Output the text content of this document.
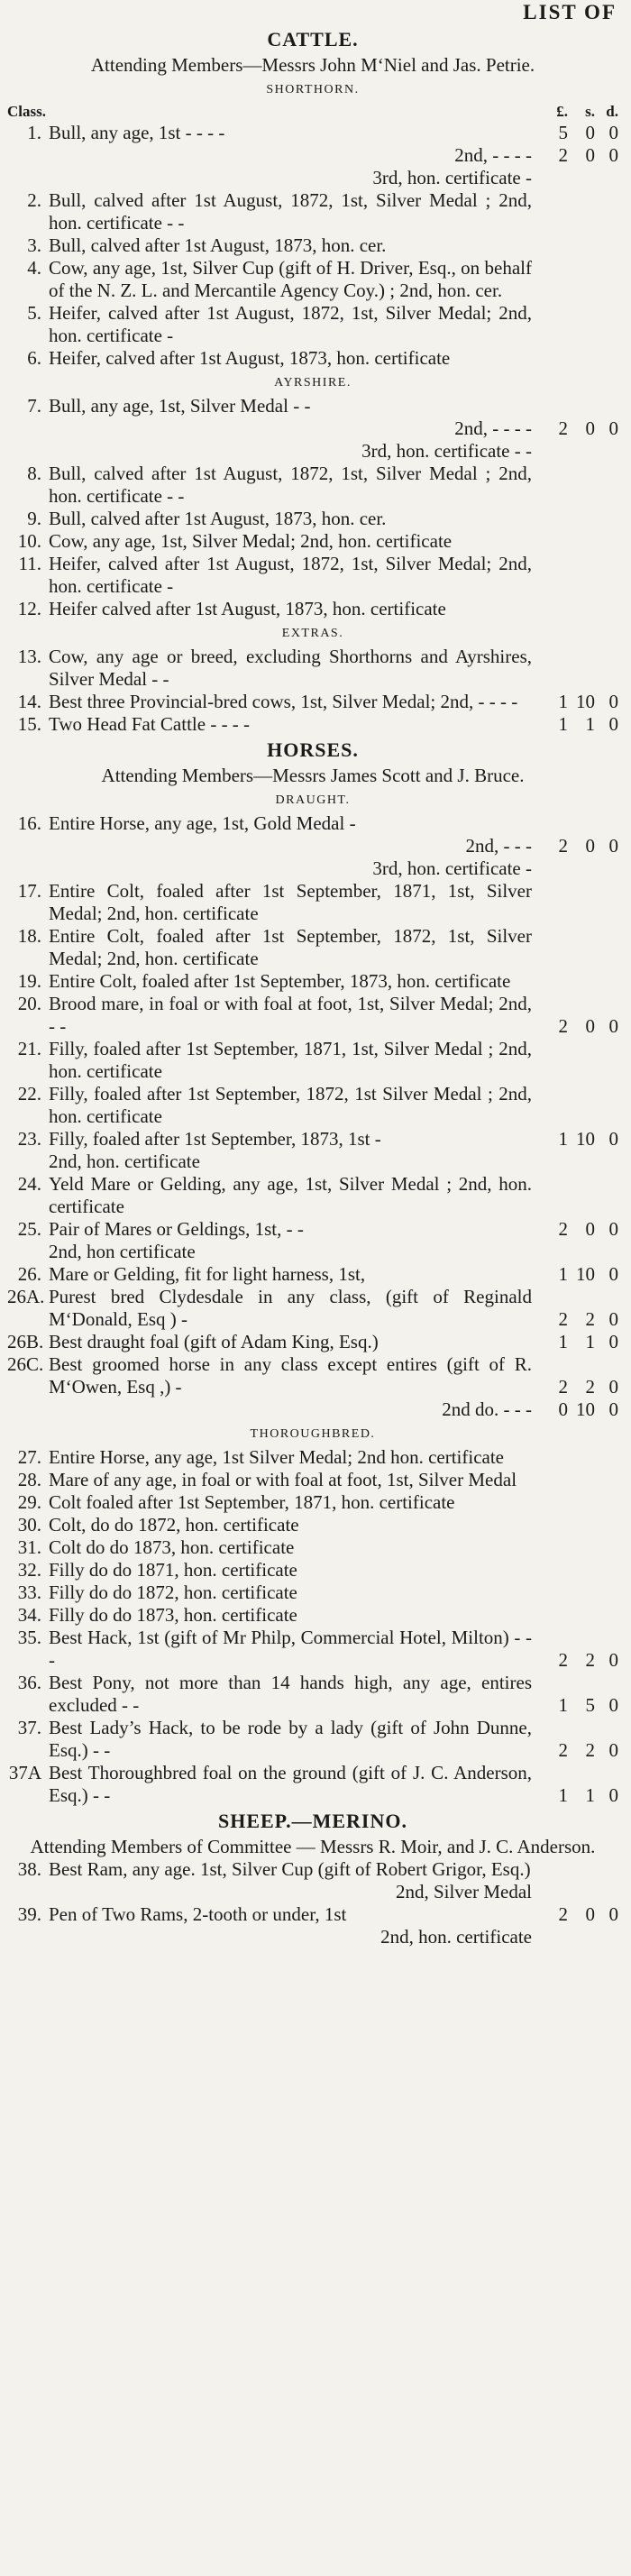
LIST OF
CATTLE.
Attending Members—Messrs John M‘Niel and Jas. Petrie.
SHORTHORN.
Class.	£.	s. d.
1. Bull, any age, 1st - - - -	5 0 0
2nd, - - - -	2 0 0
3rd, hon. certificate -
2. Bull, calved after 1st August, 1872, 1st, Silver Medal ; 2nd, hon. certificate - -
3. Bull, calved after 1st August, 1873, hon. cer.
4. Cow, any age, 1st, Silver Cup (gift of H. Driver, Esq., on behalf of the N. Z. L. and Mercantile Agency Coy.) ; 2nd, hon. cer.
5. Heifer, calved after 1st August, 1872, 1st, Silver Medal; 2nd, hon. certificate -
6. Heifer, calved after 1st August, 1873, hon. certificate
AYRSHIRE.
7. Bull, any age, 1st, Silver Medal - -
2nd, - - - -	2 0 0
3rd, hon. certificate - -
8. Bull, calved after 1st August, 1872, 1st, Silver Medal ; 2nd, hon. certificate - -
9. Bull, calved after 1st August, 1873, hon. cer.
10. Cow, any age, 1st, Silver Medal; 2nd, hon. certificate
11. Heifer, calved after 1st August, 1872, 1st, Silver Medal; 2nd, hon. certificate -
12. Heifer calved after 1st August, 1873, hon. certificate
EXTRAS.
13. Cow, any age or breed, excluding Shorthorns and Ayrshires, Silver Medal - -
14. Best three Provincial-bred cows, 1st, Silver Medal; 2nd, - - - -	1 10 0
15. Two Head Fat Cattle - - - -	1 1 0
HORSES.
Attending Members—Messrs James Scott and J. Bruce.
DRAUGHT.
16. Entire Horse, any age, 1st, Gold Medal -
2nd, - - -	2 0 0
3rd, hon. certificate -
17. Entire Colt, foaled after 1st September, 1871, 1st, Silver Medal; 2nd, hon. certificate
18. Entire Colt, foaled after 1st September, 1872, 1st, Silver Medal; 2nd, hon. certificate
19. Entire Colt, foaled after 1st September, 1873, hon. certificate
20. Brood mare, in foal or with foal at foot, 1st, Silver Medal; 2nd, - -	2 0 0
21. Filly, foaled after 1st September, 1871, 1st, Silver Medal ; 2nd, hon. certificate
22. Filly, foaled after 1st September, 1872, 1st Silver Medal ; 2nd, hon. certificate
23. Filly, foaled after 1st September, 1873, 1st -	1 10 0
2nd, hon. certificate
24. Yeld Mare or Gelding, any age, 1st, Silver Medal ; 2nd, hon. certificate
25. Pair of Mares or Geldings, 1st, - -	2 0 0
2nd, hon certificate
26. Mare or Gelding, fit for light harness, 1st,	1 10 0
26A. Purest bred Clydesdale in any class, (gift of Reginald M‘Donald, Esq ) -	2 2 0
26B. Best draught foal (gift of Adam King, Esq.)	1 1 0
26C. Best groomed horse in any class except entires (gift of R. M‘Owen, Esq ,) -	2 2 0
2nd do. - - -	0 10 0
THOROUGHBRED.
27. Entire Horse, any age, 1st Silver Medal; 2nd hon. certificate
28. Mare of any age, in foal or with foal at foot, 1st, Silver Medal
29. Colt foaled after 1st September, 1871, hon. certificate
30. Colt, do do 1872, hon. certificate
31. Colt do do 1873, hon. certificate
32. Filly do do 1871, hon. certificate
33. Filly do do 1872, hon. certificate
34. Filly do do 1873, hon. certificate
35. Best Hack, 1st (gift of Mr Philp, Commercial Hotel, Milton) - - -	2 2 0
36. Best Pony, not more than 14 hands high, any age, entires excluded - -	1 5 0
37. Best Lady’s Hack, to be rode by a lady (gift of John Dunne, Esq.) - -	2 2 0
37A Best Thoroughbred foal on the ground (gift of J. C. Anderson, Esq.) - -	1 1 0
SHEEP.—MERINO.
Attending Members of Committee — Messrs R. Moir, and J. C. Anderson.
38. Best Ram, any age. 1st, Silver Cup (gift of Robert Grigor, Esq.)
2nd, Silver Medal
39. Pen of Two Rams, 2-tooth or under, 1st	2 0 0
2nd, hon. certificate
